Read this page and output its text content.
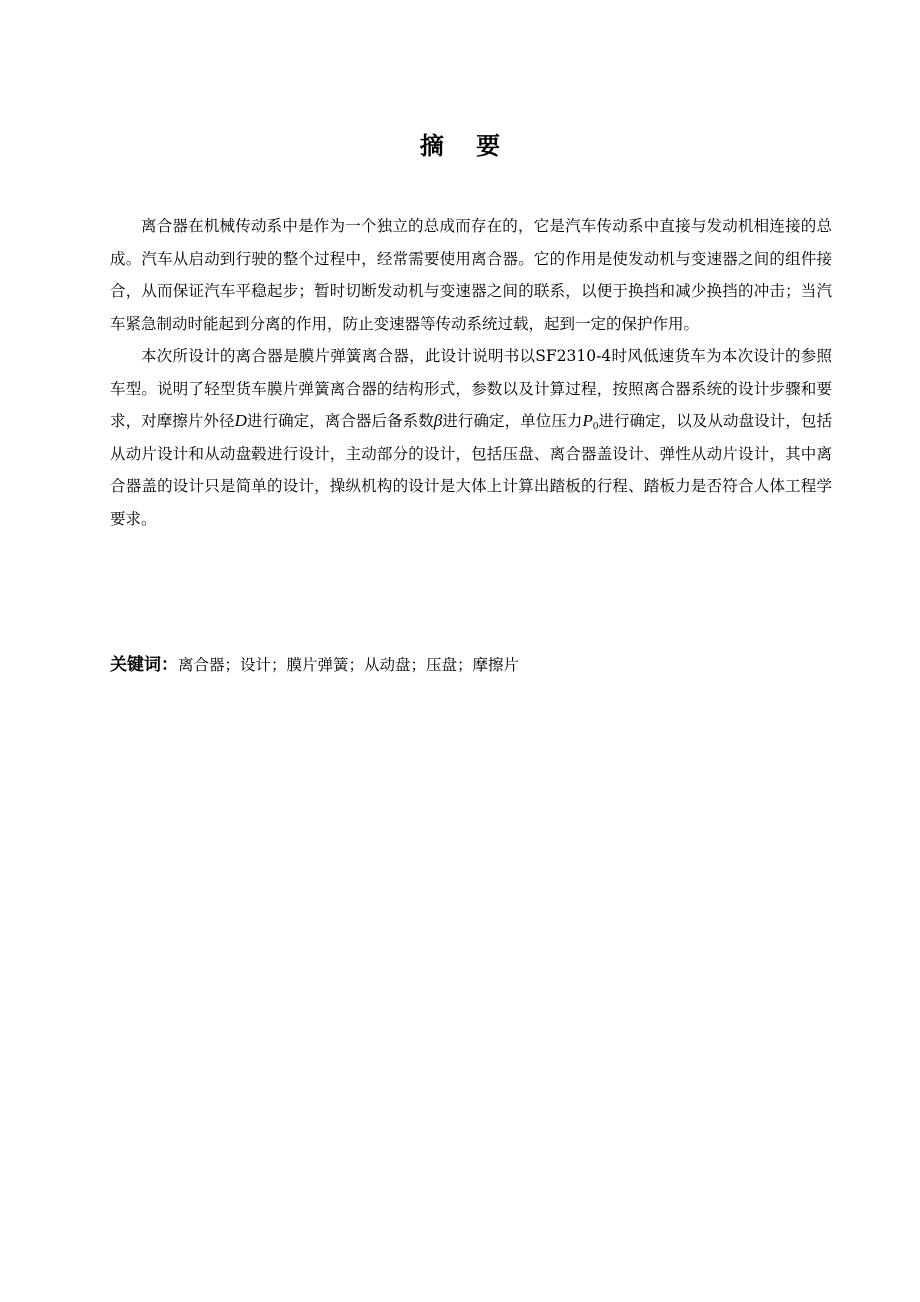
摘 要

离合器在机械传动系中是作为一个独立的总成而存在的，它是汽车传动系中直接与发动机相连接的总成。汽车从启动到行驶的整个过程中，经常需要使用离合器。它的作用是使发动机与变速器之间的组件接合，从而保证汽车平稳起步；暂时切断发动机与变速器之间的联系，以便于换挡和减少换挡的冲击；当汽车紧急制动时能起到分离的作用，防止变速器等传动系统过载，起到一定的保护作用。

本次所设计的离合器是膜片弹簧离合器，此设计说明书以SF2310-4时风低速货车为本次设计的参照车型。说明了轻型货车膜片弹簧离合器的结构形式，参数以及计算过程，按照离合器系统的设计步骤和要求，对摩擦片外径D进行确定，离合器后备系数β进行确定，单位压力$P_0$进行确定，以及从动盘设计，包括从动片设计和从动盘毂进行设计，主动部分的设计，包括压盘、离合器盖设计、弹性从动片设计，其中离合器盖的设计只是简单的设计，操纵机构的设计是大体上计算出踏板的行程、踏板力是否符合人体工程学要求。

关键词：离合器；设计；膜片弹簧；从动盘；压盘；摩擦片
